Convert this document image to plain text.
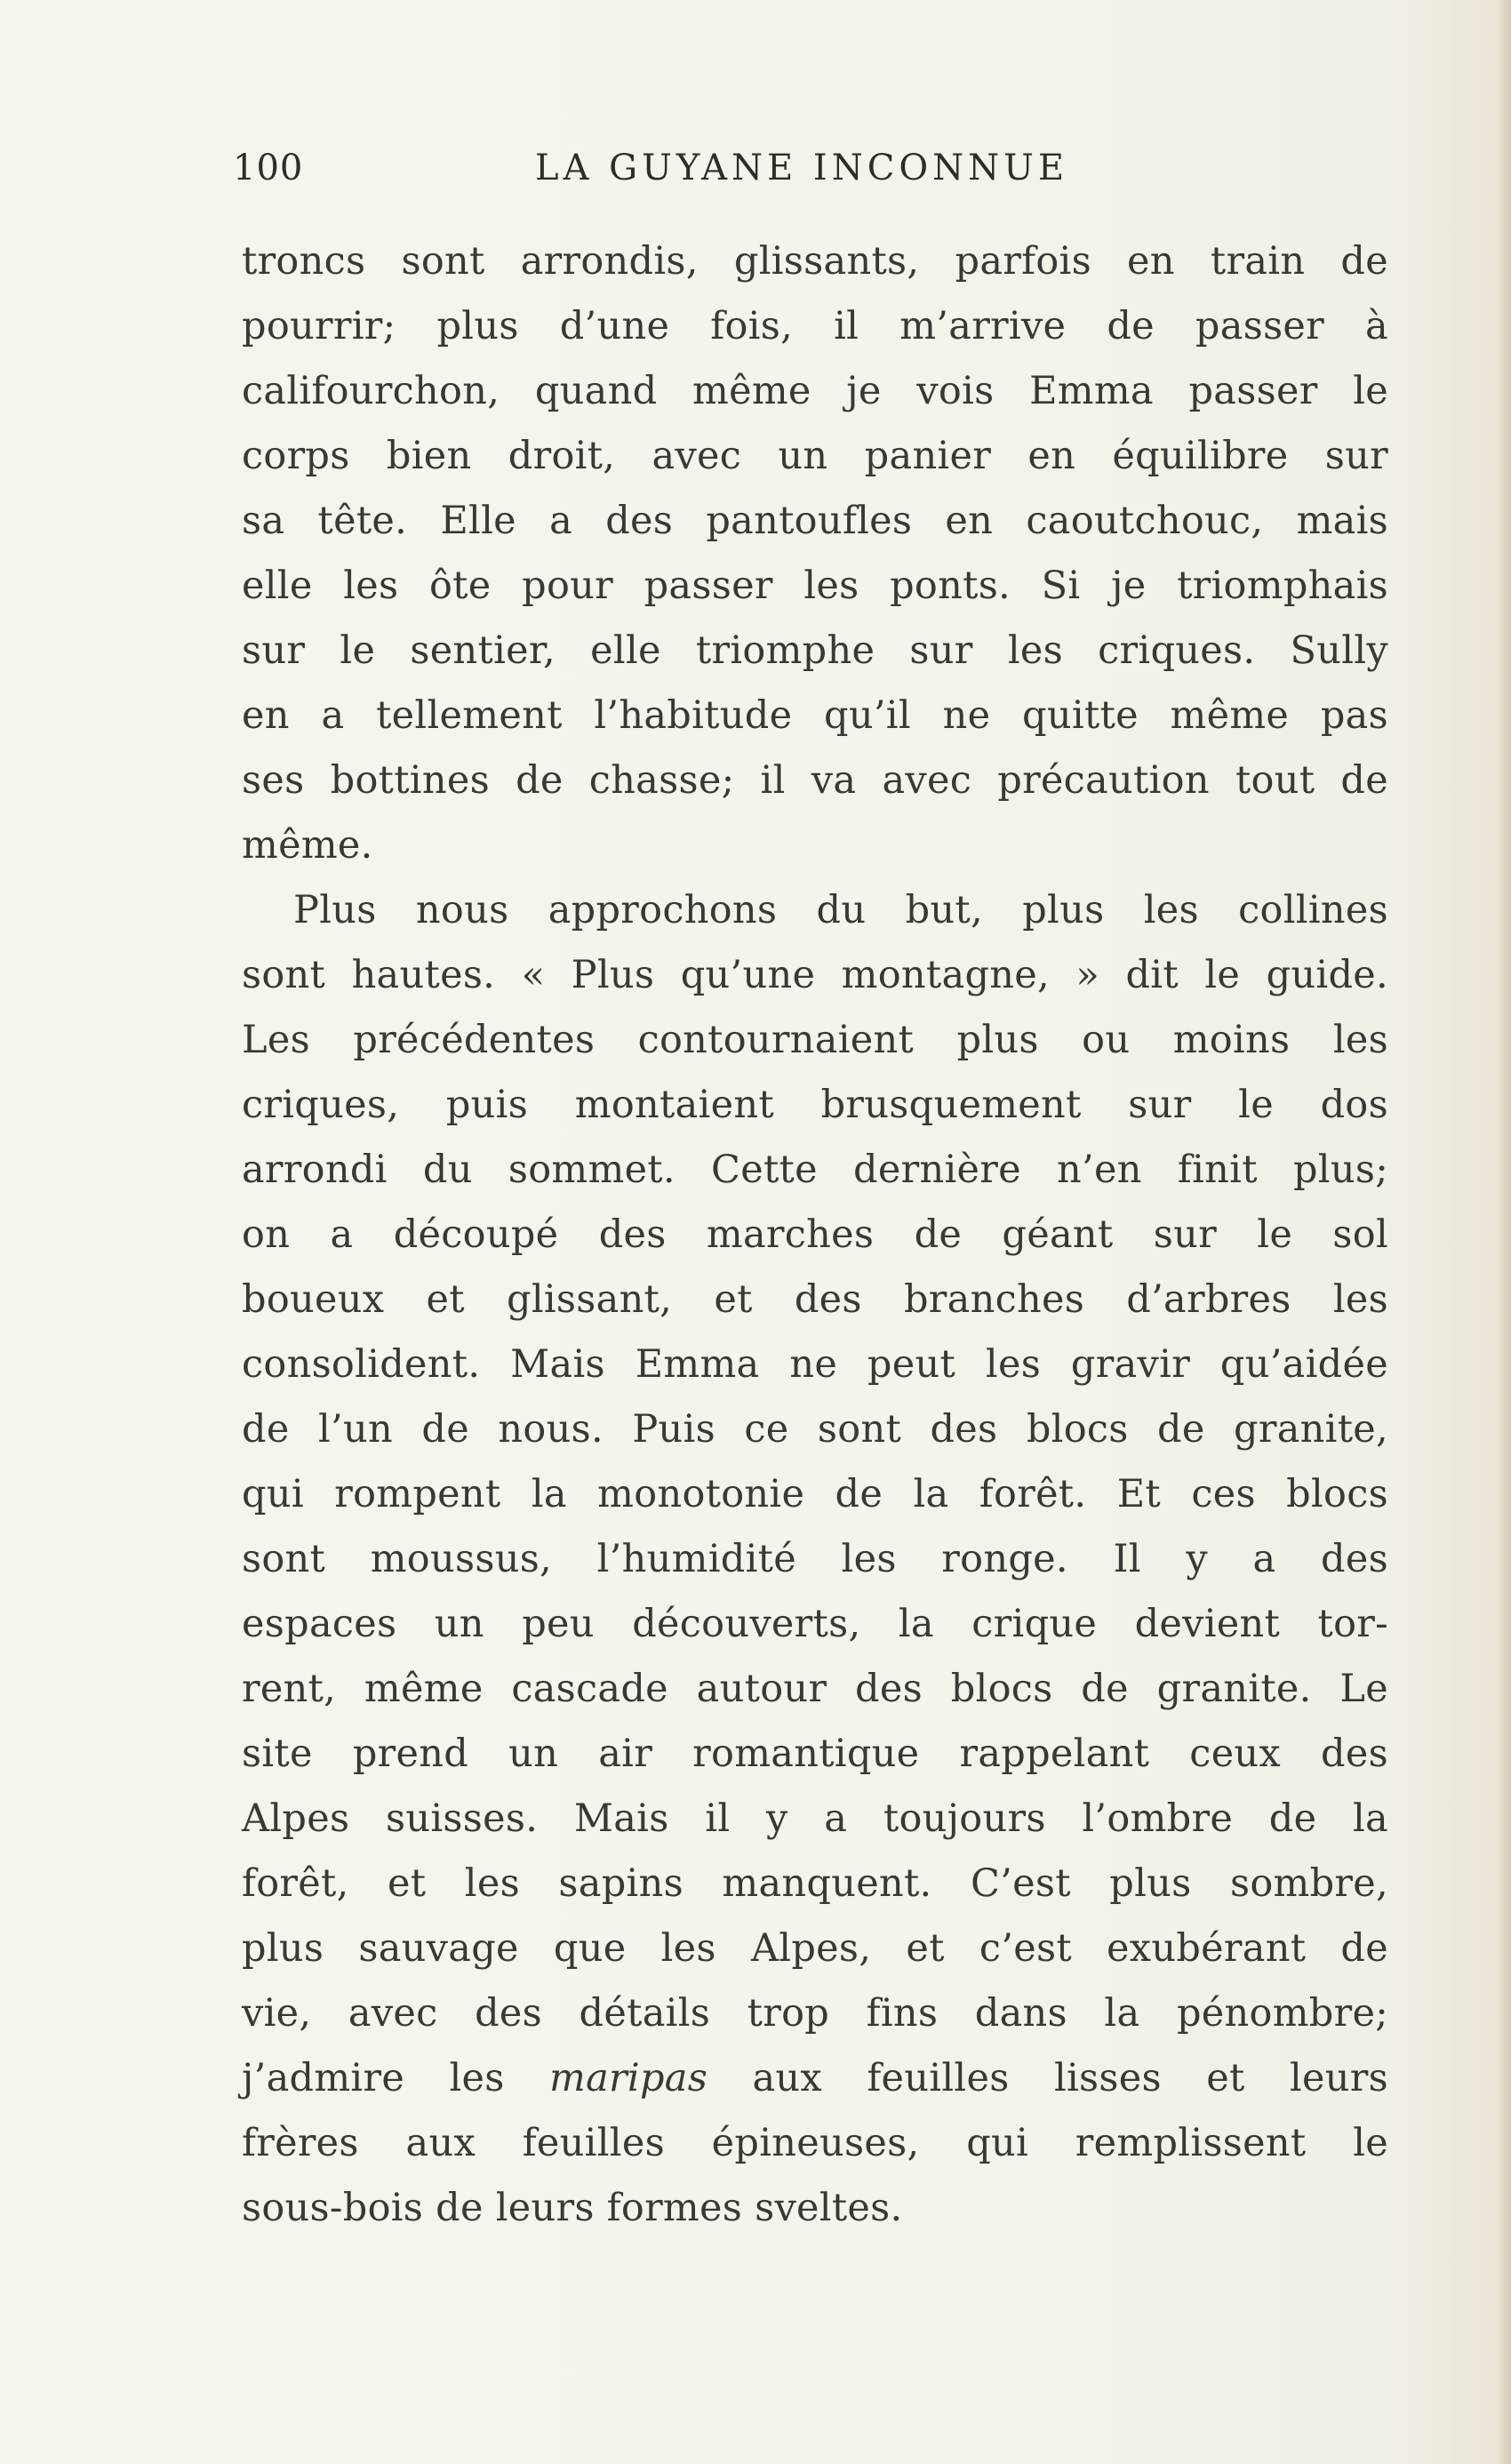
100	LA GUYANE INCONNUE
troncs sont arrondis, glissants, parfois en train de
pourrir; plus d’une fois, il m’arrive de passer à
califourchon, quand même je vois Emma passer le
corps bien droit, avec un panier en équilibre sur
sa tête. Elle a des pantoufles en caoutchouc, mais
elle les ôte pour passer les ponts. Si je triomphais
sur le sentier, elle triomphe sur les criques. Sully
en a tellement l’habitude qu’il ne quitte même pas
ses bottines de chasse; il va avec précaution tout de
même.
Plus nous approchons du but, plus les collines
sont hautes. « Plus qu’une montagne, » dit le guide.
Les précédentes contournaient plus ou moins les
criques, puis montaient brusquement sur le dos
arrondi du sommet. Cette dernière n’en finit plus;
on a découpé des marches de géant sur le sol
boueux et glissant, et des branches d’arbres les
consolident. Mais Emma ne peut les gravir qu’aidée
de l’un de nous. Puis ce sont des blocs de granite,
qui rompent la monotonie de la forêt. Et ces blocs
sont moussus, l’humidité les ronge. Il y a des
espaces un peu découverts, la crique devient tor-
rent, même cascade autour des blocs de granite. Le
site prend un air romantique rappelant ceux des
Alpes suisses. Mais il y a toujours l’ombre de la
forêt, et les sapins manquent. C’est plus sombre,
plus sauvage que les Alpes, et c’est exubérant de
vie, avec des détails trop fins dans la pénombre;
j’admire les maripas aux feuilles lisses et leurs
frères aux feuilles épineuses, qui remplissent le
sous-bois de leurs formes sveltes.
